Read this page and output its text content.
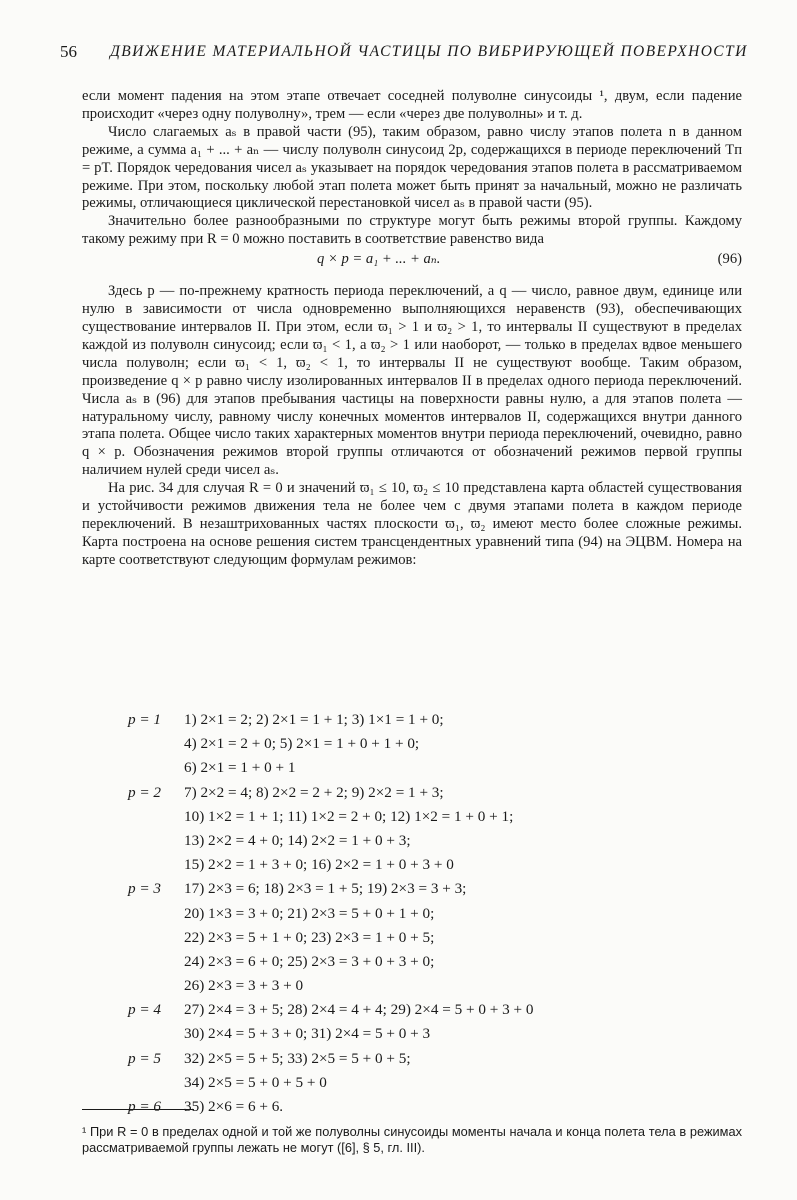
56 ДВИЖЕНИЕ МАТЕРИАЛЬНОЙ ЧАСТИЦЫ ПО ВИБРИРУЮЩЕЙ ПОВЕРХНОСТИ

если момент падения на этом этапе отвечает соседней полуволне синусоиды ¹, двум, если падение происходит «через одну полуволну», трем — если «через две полуволны» и т. д.

Число слагаемых aₛ в правой части (95), таким образом, равно числу этапов полета n в данном режиме, а сумма a₁ + ... + aₙ — числу полуволн синусоид 2p, содержащихся в периоде переключений Tп = pT. Порядок чередования чисел aₛ указывает на порядок чередования этапов полета в рассматриваемом режиме. При этом, поскольку любой этап полета может быть принят за начальный, можно не различать режимы, отличающиеся циклической перестановкой чисел aₛ в правой части (95).

Значительно более разнообразными по структуре могут быть режимы второй группы. Каждому такому режиму при R = 0 можно поставить в соответствие равенство вида

q × p = a₁ + ... + aₙ.	(96)

Здесь p — по-прежнему кратность периода переключений, а q — число, равное двум, единице или нулю в зависимости от числа одновременно выполняющихся неравенств (93), обеспечивающих существование интервалов II. При этом, если ϖ₁ > 1 и ϖ₂ > 1, то интервалы II существуют в пределах каждой из полуволн синусоид; если ϖ₁ < 1, а ϖ₂ > 1 или наоборот, — только в пределах вдвое меньшего числа полуволн; если ϖ₁ < 1, ϖ₂ < 1, то интервалы II не существуют вообще. Таким образом, произведение q × p равно числу изолированных интервалов II в пределах одного периода переключений. Числа aₛ в (96) для этапов пребывания частицы на поверхности равны нулю, а для этапов полета — натуральному числу, равному числу конечных моментов интервалов II, содержащихся внутри данного этапа полета. Общее число таких характерных моментов внутри периода переключений, очевидно, равно q × p. Обозначения режимов второй группы отличаются от обозначений режимов первой группы наличием нулей среди чисел aₛ.

На рис. 34 для случая R = 0 и значений ϖ₁ ≤ 10, ϖ₂ ≤ 10 представлена карта областей существования и устойчивости режимов движения тела не более чем с двумя этапами полета в каждом периоде переключений. В незаштрихованных частях плоскости ϖ₁, ϖ₂ имеют место более сложные режимы. Карта построена на основе решения систем трансцендентных уравнений типа (94) на ЭЦВМ. Номера на карте соответствуют следующим формулам режимов:

p = 1 1) 2×1 = 2; 2) 2×1 = 1 + 1; 3) 1×1 = 1 + 0;
4) 2×1 = 2 + 0; 5) 2×1 = 1 + 0 + 1 + 0;
6) 2×1 = 1 + 0 + 1
p = 2 7) 2×2 = 4; 8) 2×2 = 2 + 2; 9) 2×2 = 1 + 3;
10) 1×2 = 1 + 1; 11) 1×2 = 2 + 0; 12) 1×2 = 1 + 0 + 1;
13) 2×2 = 4 + 0; 14) 2×2 = 1 + 0 + 3;
15) 2×2 = 1 + 3 + 0; 16) 2×2 = 1 + 0 + 3 + 0
p = 3 17) 2×3 = 6; 18) 2×3 = 1 + 5; 19) 2×3 = 3 + 3;
20) 1×3 = 3 + 0; 21) 2×3 = 5 + 0 + 1 + 0;
22) 2×3 = 5 + 1 + 0; 23) 2×3 = 1 + 0 + 5;
24) 2×3 = 6 + 0; 25) 2×3 = 3 + 0 + 3 + 0;
26) 2×3 = 3 + 3 + 0
p = 4 27) 2×4 = 3 + 5; 28) 2×4 = 4 + 4; 29) 2×4 = 5 + 0 + 3 + 0
30) 2×4 = 5 + 3 + 0; 31) 2×4 = 5 + 0 + 3
p = 5 32) 2×5 = 5 + 5; 33) 2×5 = 5 + 0 + 5;
34) 2×5 = 5 + 0 + 5 + 0
p = 6 35) 2×6 = 6 + 6.
¹ При R = 0 в пределах одной и той же полуволны синусоиды моменты начала и конца полета тела в режимах рассматриваемой группы лежать не могут ([6], § 5, гл. III).
